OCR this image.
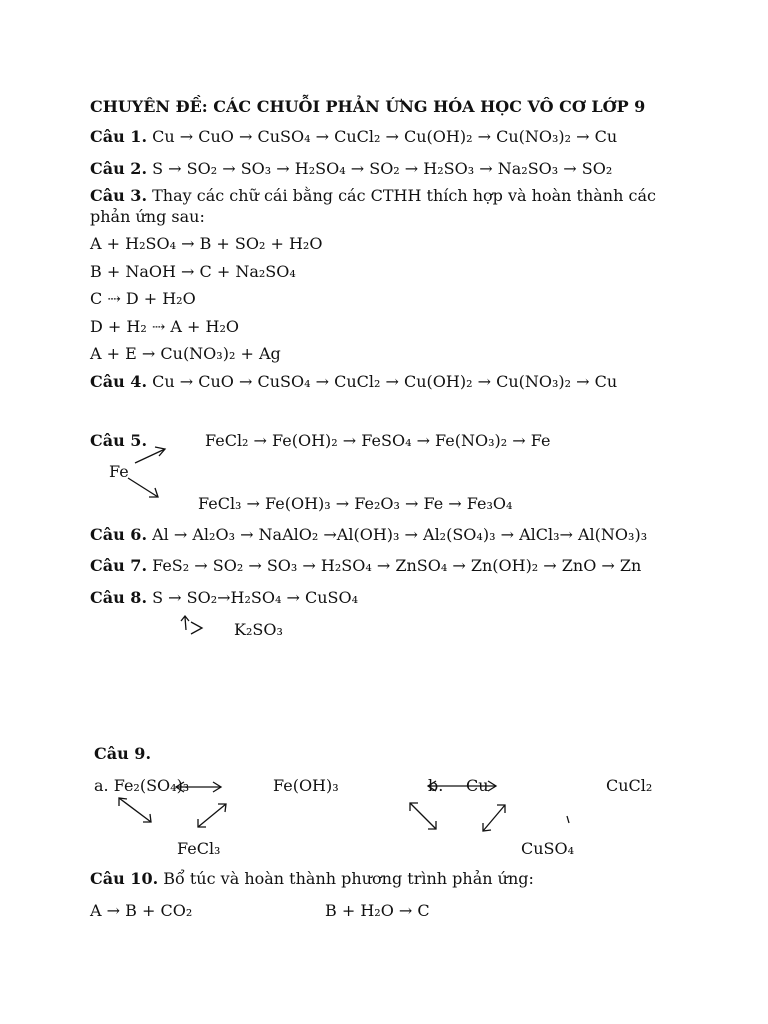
CHUYÊN ĐỀ: CÁC CHUỖI PHẢN ỨNG HÓA HỌC VÔ CƠ LỚP 9
Câu 1. Cu → CuO → CuSO₄ → CuCl₂ → Cu(OH)₂ → Cu(NO₃)₂ → Cu
Câu 2. S → SO₂ → SO₃ → H₂SO₄ → SO₂ → H₂SO₃ → Na₂SO₃ → SO₂
Câu 3. Thay các chữ cái bằng các CTHH thích hợp và hoàn thành các
phản ứng sau:
A + H₂SO₄ → B + SO₂ + H₂O
B + NaOH → C + Na₂SO₄
C ⇢ D + H₂O
D + H₂ ⇢ A + H₂O
A + E → Cu(NO₃)₂ + Ag
Câu 4. Cu → CuO → CuSO₄ → CuCl₂ → Cu(OH)₂ → Cu(NO₃)₂ → Cu
Câu 5.	FeCl₂ → Fe(OH)₂ → FeSO₄ → Fe(NO₃)₂ → Fe
Fe
FeCl₃ → Fe(OH)₃ → Fe₂O₃ → Fe → Fe₃O₄
Câu 6. Al → Al₂O₃ → NaAlO₂ →Al(OH)₃ → Al₂(SO₄)₃ → AlCl₃→ Al(NO₃)₃
Câu 7. FeS₂ → SO₂ → SO₃ → H₂SO₄ → ZnSO₄ → Zn(OH)₂ → ZnO → Zn
Câu 8. S → SO₂→H₂SO₄ → CuSO₄
K₂SO₃
Câu 9.
a. Fe₂(SO₄)₃	Fe(OH)₃
FeCl₃
b. Cu	CuCl₂
CuSO₄
Câu 10. Bổ túc và hoàn thành phương trình phản ứng:
A → B + CO₂	B + H₂O → C
